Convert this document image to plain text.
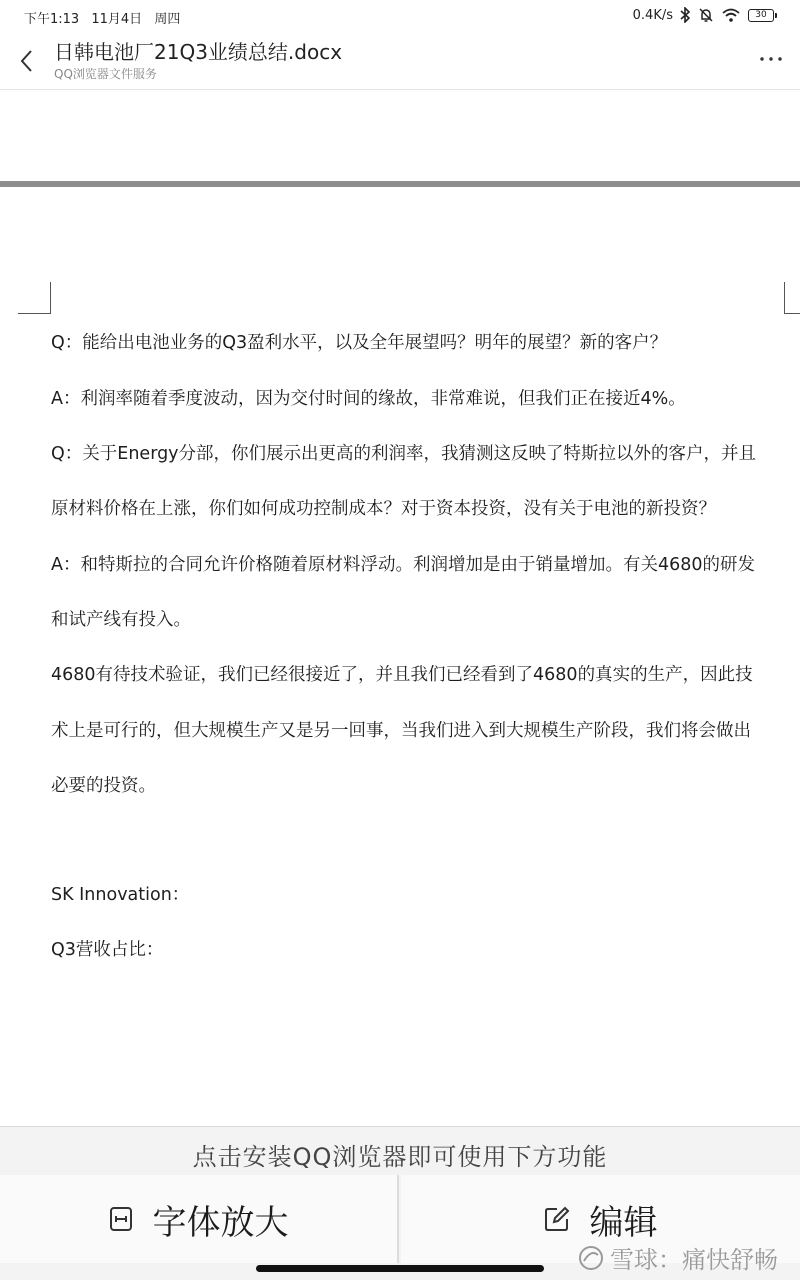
下午1:13 11月4日 周四	0.4K/s	30
日韩电池厂21Q3业绩总结.docx
QQ浏览器文件服务
Q：能给出电池业务的Q3盈利水平，以及全年展望吗？明年的展望？新的客户？
A：利润率随着季度波动，因为交付时间的缘故，非常难说，但我们正在接近4%。
Q：关于Energy分部，你们展示出更高的利润率，我猜测这反映了特斯拉以外的客户，并且
原材料价格在上涨，你们如何成功控制成本？对于资本投资，没有关于电池的新投资？
A：和特斯拉的合同允许价格随着原材料浮动。利润增加是由于销量增加。有关4680的研发
和试产线有投入。
4680有待技术验证，我们已经很接近了，并且我们已经看到了4680的真实的生产，因此技
术上是可行的，但大规模生产又是另一回事，当我们进入到大规模生产阶段，我们将会做出
必要的投资。
SK Innovation：
Q3营收占比：
点击安装QQ浏览器即可使用下方功能
字体放大	编辑
雪球：痛快舒畅
